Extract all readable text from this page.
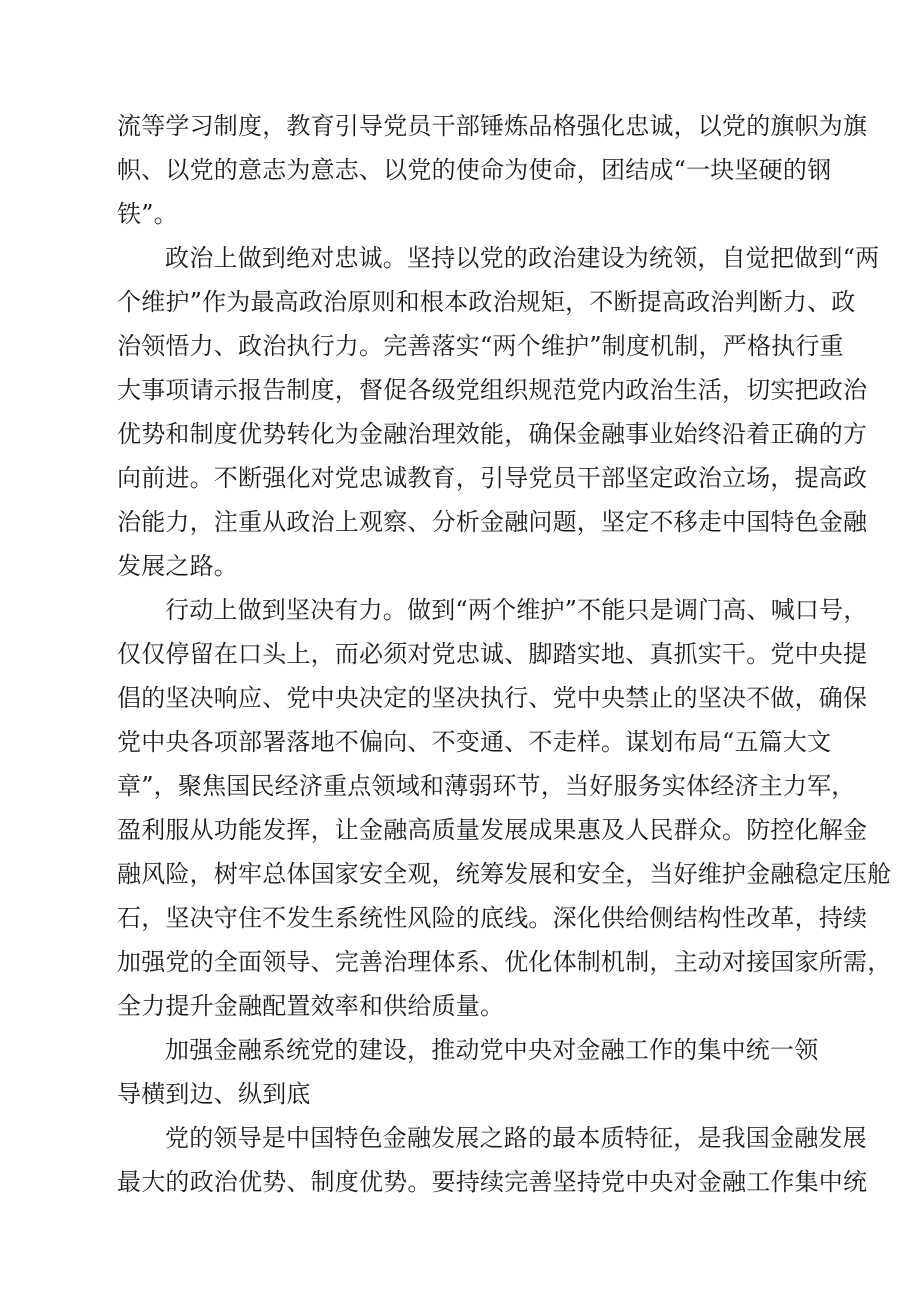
流等学习制度，教育引导党员干部锤炼品格强化忠诚，以党的旗帜为旗
帜、以党的意志为意志、以党的使命为使命，团结成“一块坚硬的钢
铁”。
政治上做到绝对忠诚。坚持以党的政治建设为统领，自觉把做到“两
个维护”作为最高政治原则和根本政治规矩，不断提高政治判断力、政
治领悟力、政治执行力。完善落实“两个维护”制度机制，严格执行重
大事项请示报告制度，督促各级党组织规范党内政治生活，切实把政治
优势和制度优势转化为金融治理效能，确保金融事业始终沿着正确的方
向前进。不断强化对党忠诚教育，引导党员干部坚定政治立场，提高政
治能力，注重从政治上观察、分析金融问题，坚定不移走中国特色金融
发展之路。
行动上做到坚决有力。做到“两个维护”不能只是调门高、喊口号，
仅仅停留在口头上，而必须对党忠诚、脚踏实地、真抓实干。党中央提
倡的坚决响应、党中央决定的坚决执行、党中央禁止的坚决不做，确保
党中央各项部署落地不偏向、不变通、不走样。谋划布局“五篇大文
章”，聚焦国民经济重点领域和薄弱环节，当好服务实体经济主力军，
盈利服从功能发挥，让金融高质量发展成果惠及人民群众。防控化解金
融风险，树牢总体国家安全观，统筹发展和安全，当好维护金融稳定压舱
石，坚决守住不发生系统性风险的底线。深化供给侧结构性改革，持续
加强党的全面领导、完善治理体系、优化体制机制，主动对接国家所需，
全力提升金融配置效率和供给质量。
加强金融系统党的建设，推动党中央对金融工作的集中统一领
导横到边、纵到底
党的领导是中国特色金融发展之路的最本质特征，是我国金融发展
最大的政治优势、制度优势。要持续完善坚持党中央对金融工作集中统
